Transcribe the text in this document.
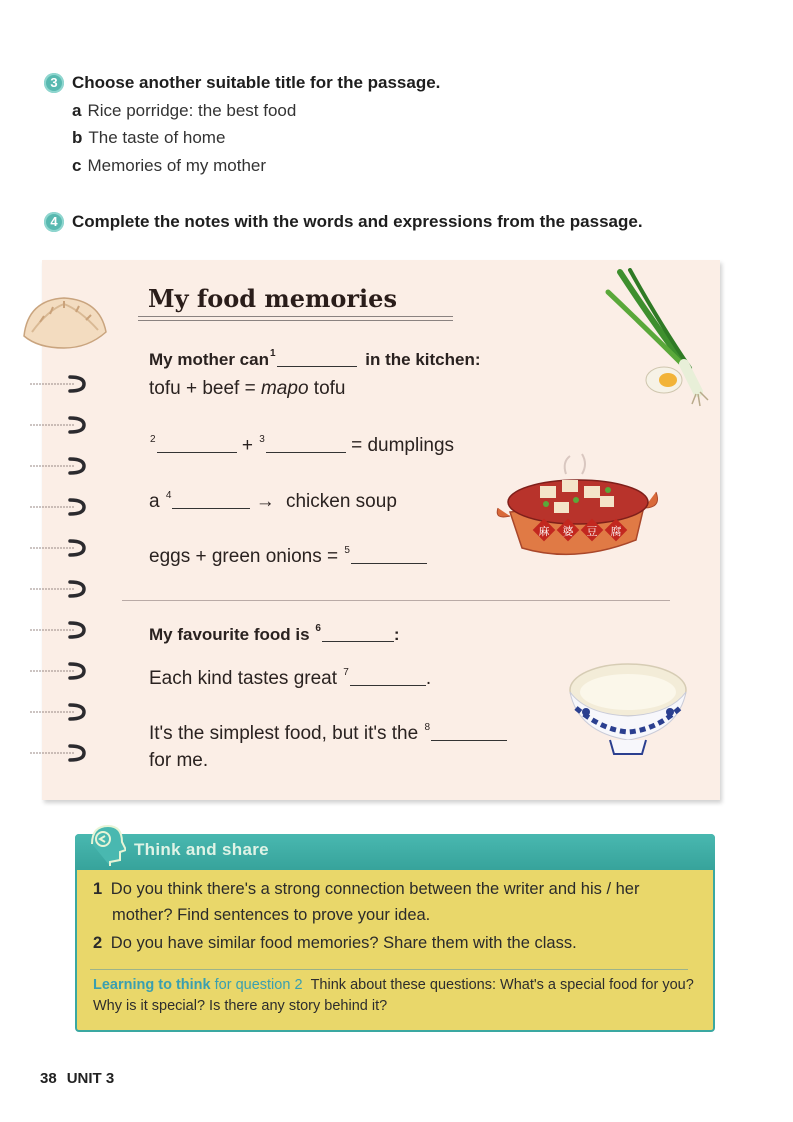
3 Choose another suitable title for the passage.
a Rice porridge: the best food
b The taste of home
c Memories of my mother
4 Complete the notes with the words and expressions from the passage.
My food memories
My mother can$^1$	in the kitchen:
tofu + beef = mapo tofu
$^2$	+ $^3$	= dumplings
a $^4$	→ chicken soup
eggs + green onions = $^5$
麻 婆 豆 腐
My favourite food is $^6$	:
Each kind tastes great $^7$	.
It's the simplest food, but it's the $^8$
for me.
Think and share
1 Do you think there's a strong connection between the writer and his / her
mother? Find sentences to prove your idea.
2 Do you have similar food memories? Share them with the class.
Learning to think for question 2 Think about these questions: What's a special food for you? Why is it special? Is there any story behind it?
38 UNIT 3
